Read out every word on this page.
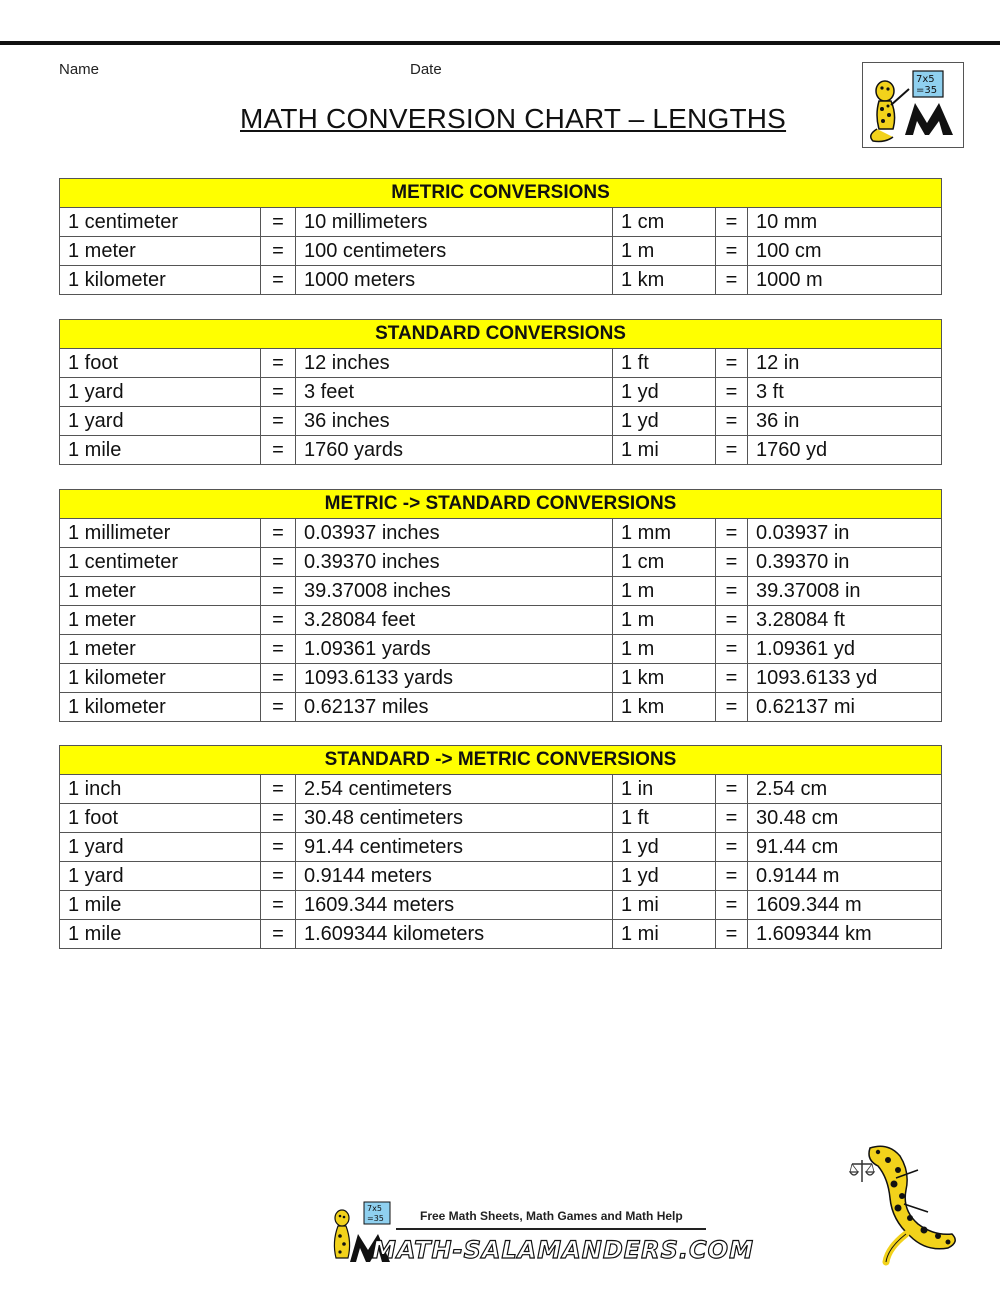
Name	Date
MATH CONVERSION CHART – LENGTHS
7x5
=35
METRIC CONVERSIONS					
1 centimeter	=	10 millimeters	1 cm	=	10 mm
1 meter	=	100 centimeters	1 m	=	100 cm
1 kilometer	=	1000 meters	1 km	=	1000 m
STANDARD CONVERSIONS					
1 foot	=	12 inches	1 ft	=	12 in
1 yard	=	3 feet	1 yd	=	3 ft
1 yard	=	36 inches	1 yd	=	36 in
1 mile	=	1760 yards	1 mi	=	1760 yd
METRIC -> STANDARD CONVERSIONS					
1 millimeter	=	0.03937 inches	1 mm	=	0.03937 in
1 centimeter	=	0.39370 inches	1 cm	=	0.39370 in
1 meter	=	39.37008 inches	1 m	=	39.37008 in
1 meter	=	3.28084 feet	1 m	=	3.28084 ft
1 meter	=	1.09361 yards	1 m	=	1.09361 yd
1 kilometer	=	1093.6133 yards	1 km	=	1093.6133 yd
1 kilometer	=	0.62137 miles	1 km	=	0.62137 mi
STANDARD -> METRIC CONVERSIONS					
1 inch	=	2.54 centimeters	1 in	=	2.54 cm
1 foot	=	30.48 centimeters	1 ft	=	30.48 cm
1 yard	=	91.44 centimeters	1 yd	=	91.44 cm
1 yard	=	0.9144 meters	1 yd	=	0.9144 m
1 mile	=	1609.344 meters	1 mi	=	1609.344 m
1 mile	=	1.609344 kilometers	1 mi	=	1.609344 km
7x5
=35	Free Math Sheets, Math Games and Math Help
MATH-SALAMANDERS.COM
